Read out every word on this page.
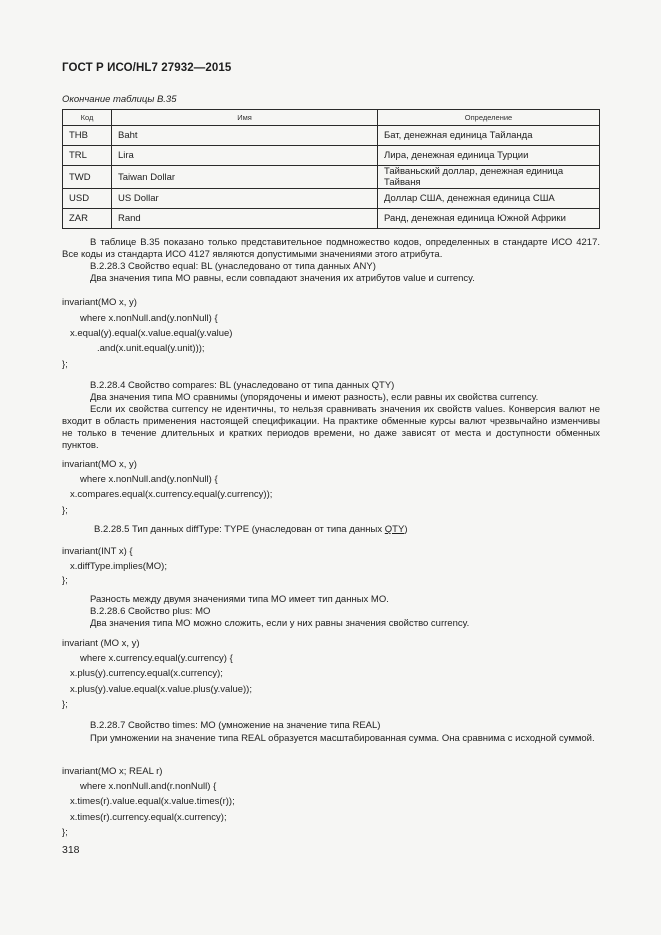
ГОСТ Р ИСО/HL7 27932—2015
Окончание таблицы В.35
Код	Имя	Определение
THB	Baht	Бат, денежная единица Тайланда
TRL	Lira	Лира, денежная единица Турции
TWD	Taiwan Dollar	Тайваньский доллар, денежная единица Тайваня
USD	US Dollar	Доллар США, денежная единица США
ZAR	Rand	Ранд, денежная единица Южной Африки
В таблице В.35 показано только представительное подмножество кодов, определенных в стандарте ИСО 4217. Все коды из стандарта ИСО 4127 являются допустимыми значениями этого атрибута.
B.2.28.3 Свойство equal: BL (унаследовано от типа данных ANY)
Два значения типа МО равны, если совпадают значения их атрибутов value и currency.
invariant(MO x, y)
where x.nonNull.and(y.nonNull) {
x.equal(y).equal(x.value.equal(y.value)
.and(x.unit.equal(y.unit)));
};
B.2.28.4 Свойство compares: BL (унаследовано от типа данных QTY)
Два значения типа МО сравнимы (упорядочены и имеют разность), если равны их свойства currency.
Если их свойства currency не идентичны, то нельзя сравнивать значения их свойств values. Конверсия валют не входит в область применения настоящей спецификации. На практике обменные курсы валют чрезвычайно изменчивы не только в течение длительных и кратких периодов времени, но даже зависят от места и доступности обменных пунктов.
invariant(MO x, y)
where x.nonNull.and(y.nonNull) {
x.compares.equal(x.currency.equal(y.currency));
};
B.2.28.5 Тип данных diffType: TYPE (унаследован от типа данных QTY)
invariant(INT x) {
x.diffType.implies(MO);
};
Разность между двумя значениями типа МО имеет тип данных МО.
B.2.28.6 Свойство plus: МО
Два значения типа МО можно сложить, если у них равны значения свойство currency.
invariant (MO x, y)
where x.currency.equal(y.currency) {
x.plus(y).currency.equal(x.currency);
x.plus(y).value.equal(x.value.plus(y.value));
};
B.2.28.7 Свойство times: MO (умножение на значение типа REAL)
При умножении на значение типа REAL образуется масштабированная сумма. Она сравнима с исходной суммой.
invariant(MO x; REAL r)
where x.nonNull.and(r.nonNull) {
x.times(r).value.equal(x.value.times(r));
x.times(r).currency.equal(x.currency);
};
318
